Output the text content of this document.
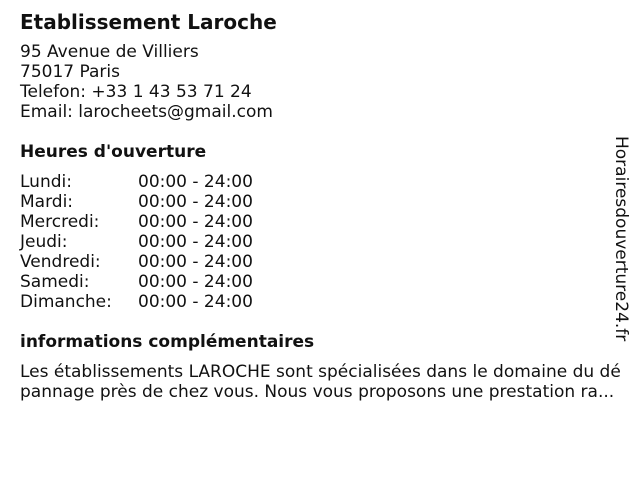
Etablissement Laroche
95 Avenue de Villiers
75017 Paris
Telefon: +33 1 43 53 71 24
Email: larocheets@gmail.com
Heures d'ouverture
Lundi:	00:00 - 24:00
Mardi:	00:00 - 24:00
Mercredi:	00:00 - 24:00
Jeudi:	00:00 - 24:00
Vendredi:	00:00 - 24:00
Samedi:	00:00 - 24:00
Dimanche:	00:00 - 24:00
informations complémentaires
Les établissements LAROCHE sont spécialisées dans le domaine du dé
pannage près de chez vous. Nous vous proposons une prestation ra...
Horairesdouverture24.fr
